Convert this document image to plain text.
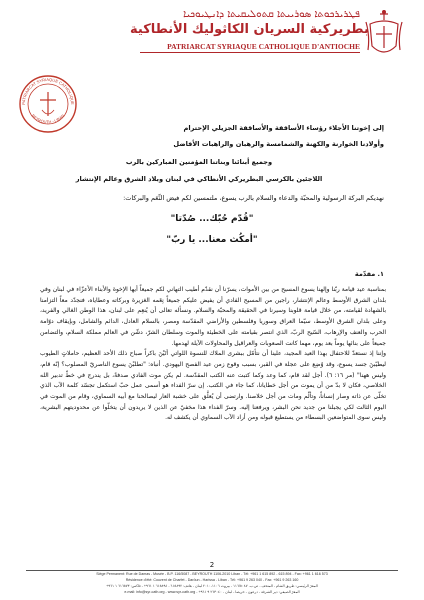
ܦܛܪܝܪܟܘܬܐ ܣܘܪܝܝܬܐ ܩܬܘܠܝܩܝܬܐ ܕܐܢܛܝܘܟܝܐ
بطريركية السريان الكاثوليك الأنطاكية
PATRIARCAT SYRIAQUE CATHOLIQUE D'ANTIOCHE
PATRIARCAT SYRIAQUE CATHOLIQUE
BEYROUTH - LIBAN
إلى إخوتنا الأجلاء رؤساء الأساقفة والأساقفة الجزيلي الإحترام
وأولادنا الخوارنة والكهنة والشمامسة والرهبان والراهبات الأفاضل
وجميع أبنائنا وبناتنا المؤمنين المباركين بالرب
اللاجئين بالكرسي البطريركي الأنطاكي في لبنان وبلاد الشرق وعالم الإنتشار
نهديكم البركة الرسولية والمحبّة والدعاء والسلام بالرب يسوع، ملتمسين لكم فيض النِّعَم والبركات:
"قُدّم حُبّك... صُدّتا"
"أمكُث معنا... يا ربّ"
١. مقدّمة

بمناسبة عيد قيامة ربّنا وإلهنا يسوع المسيح من بين الأموات، يسرّنا أن نقدّم أطيب التهاني لكم جميعاً أيها الإخوة والأبناء الأعزّاء في لبنان وفي بلدان الشرق الأوسط وعالم الإنتشار، راجين من المسيح الفادي أن يفيض عليكم جميعاً نِعَمه الغزيرة وبركاته وعطاياه، فنجدّد معاً التزامنا بالشهادة لقيامته، من خلال قيامة قلوبنا وسيرنا في الحقيقة والمحبّة والسلام. ونسأله تعالى أن يُنعِم على لبنان، هذا الوطن الغالي والفريد، وعلى بلدان الشرق الأوسط، سيّما العراق وسوريا وفلسطين والأراضي المقدّسة ومصر، بالسلام العادل، الدائم والشامل، وبإيقاف دوّامة الحرب والعنف والإرهاب، السّيح الربّ، الذي انتصر بقيامته على الخطيئة والموت وسلطان الشرّ، دشّن في العالم مملكة السلام، والتضامن جميعاً على بنائها يوماً بعد يوم، مهما كانت الصعوبات والعراقيل والمحاولات الآيلة لهدمها.

وإننا إذ نستعدّ للاحتفال بهذا العيد المجيد، علينا أن نتأمّل ببشرى الملاك للنسوة اللواتي أتَيْنَ باكراً صباح ذلك الأحد العظيم، حاملاتٍ الطيوب ليطيّبنَ جسد يسوع، وقد وُضِع على عجلة في القبر، بسبب وقوع زمن عيد الفصح اليهودي. أنباه: "تطلبْنَ يسوع الناصريّ المصلوب؟ إنّه قام، وليس ههنا" (مر ١٦: ٦). أجل لقد قام، كما وعد وكما كتبت عنه الكتب المقدّسة. لم يكن موت الفادي صدفةً، بل يندرج في خطّ تدبير الله الخلاصي، فكان لا بدّ من أن يموت من أجل خطايانا، كما جاء في الكتب. إن سرّ الفداء هو أسمى عمل حبّ استكمل تجسّد كلمة الآب الذي تخلّى عن ذاته وصار إنساناً، وتألّم ومات من أجل خلاصنا. وارتضى أن يُعلَّق على خشبة العار ليصالحنا مع أبيه السماوي، وقام من الموت في اليوم الثالث لكي يجبلنا من جديد نحن البشر، ويرفعنا إليه. وسرّ الفداء هذا مخفيّ عن الذين لا يريدون أن يتخلّوا عن محدوديتهم البشرية، وليس سوى المتواضعين البسطاء من يستطيع قبوله ومن أراد الآب السماوي أن يكشف له.

2
Siège Permanent: Rue de Damas - Musée - B.P. 116/5087 - BEYROUTH 1106-2010 Liban - Tél: +961 1 615 892 - 615 894 - Fax: +961 1 616 573
Résidence d'été: Couvent de Charfet - Darôun - Harissa - Liban - Tél: +961 9 263 040 - Fax: +961 9 263 160
المقرّ الرئيسي: طريق الشام - المتحف - ص.ب. ١١٦/٥٠٨٧ - بيروت ١١٠٦-٢٠١٠ لبنان - هاتف: ٦١٥٨٩٢ - ٦١٥٨٩٤ ١ ٩٦١+ - فاكس: ٦١٦٥٧٣ ١ ٩٦١+
المقرّ الصيفي: دير الشرفة - درعون - حريصا - لبنان - ٢٦٣٠٤٠ ٩ ٩٦١+ - e-mail: info@syr-cath.org - www.syr-cath.org
